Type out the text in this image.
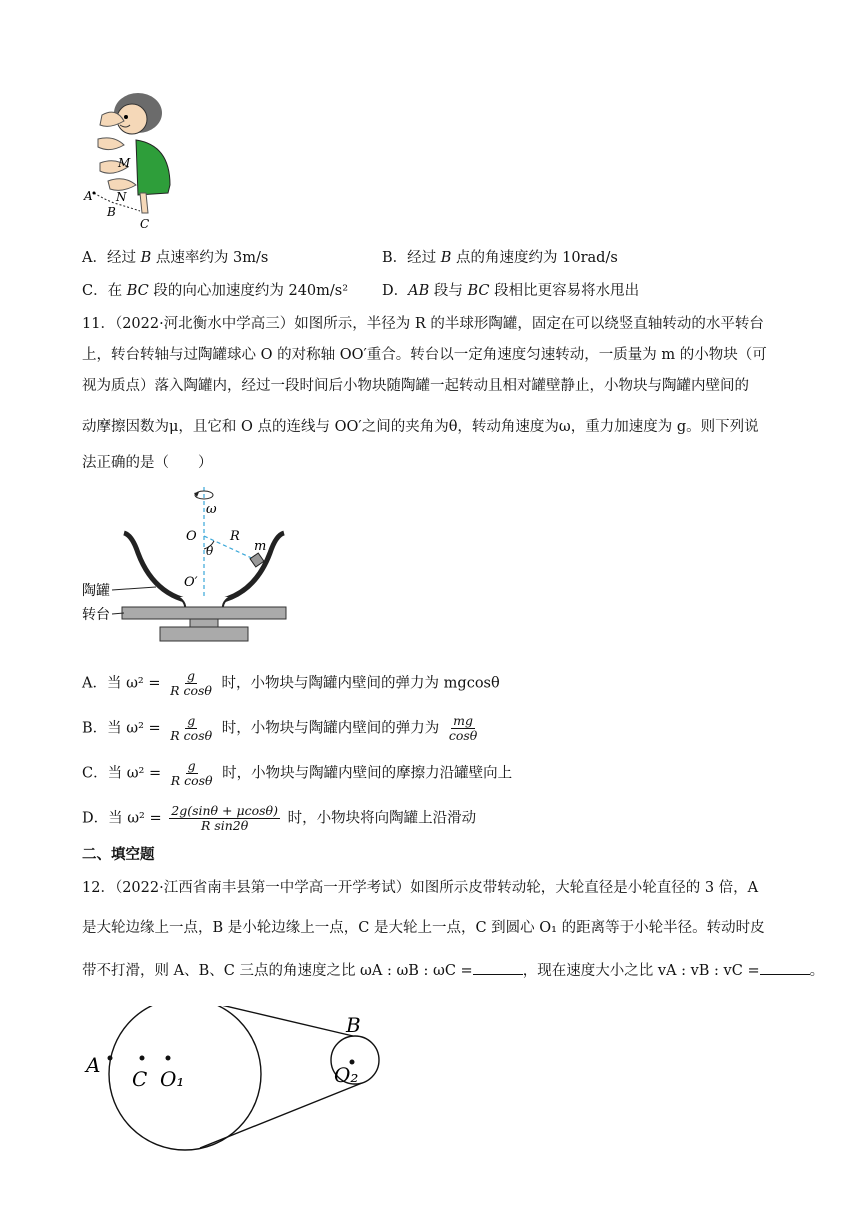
M
N
A
B
C
A．经过 B 点速率约为 3m/s	B．经过 B 点的角速度约为 10rad/s
C．在 BC 段的向心加速度约为 240m/s² D．AB 段与 BC 段相比更容易将水甩出
11．（2022·河北衡水中学高三）如图所示，半径为 R 的半球形陶罐，固定在可以绕竖直轴转动的水平转台
上，转台转轴与过陶罐球心 O 的对称轴 OO′重合。转台以一定角速度匀速转动，一质量为 m 的小物块（可
视为质点）落入陶罐内，经过一段时间后小物块随陶罐一起转动且相对罐壁静止，小物块与陶罐内壁间的
动摩擦因数为μ，且它和 O 点的连线与 OO′之间的夹角为θ，转动角速度为ω，重力加速度为 g。则下列说
法正确的是（　　）
ω
O
θ
R
m
O′
陶罐
转台
A．当 $\omega^2 = \frac{g}{\text{R cosθ}}$ 时，小物块与陶罐内壁间的弹力为 mgcosθ
B．当 $\omega^2 = \frac{g}{\text{R cosθ}}$ 时，小物块与陶罐内壁间的弹力为 $\frac{mg}{\cos\theta}$
C．当 $\omega^2 = \frac{g}{\text{R cosθ}}$ 时，小物块与陶罐内壁间的摩擦力沿罐壁向上
D．当 $\omega^2 = \frac{2g(\sin\theta + \mu\cos\theta)}{\text{R sin2θ}}$ 时，小物块将向陶罐上沿滑动
二、填空题
12．（2022·江西省南丰县第一中学高一开学考试）如图所示皮带转动轮，大轮直径是小轮直径的 3 倍，A
是大轮边缘上一点，B 是小轮边缘上一点，C 是大轮上一点，C 到圆心 O₁ 的距离等于小轮半径。转动时皮
带不打滑，则 A、B、C 三点的角速度之比 ωA : ωB : ωC =	，现在速度大小之比 vA : vB : vC =	。
A
C O₁
B
O₂
